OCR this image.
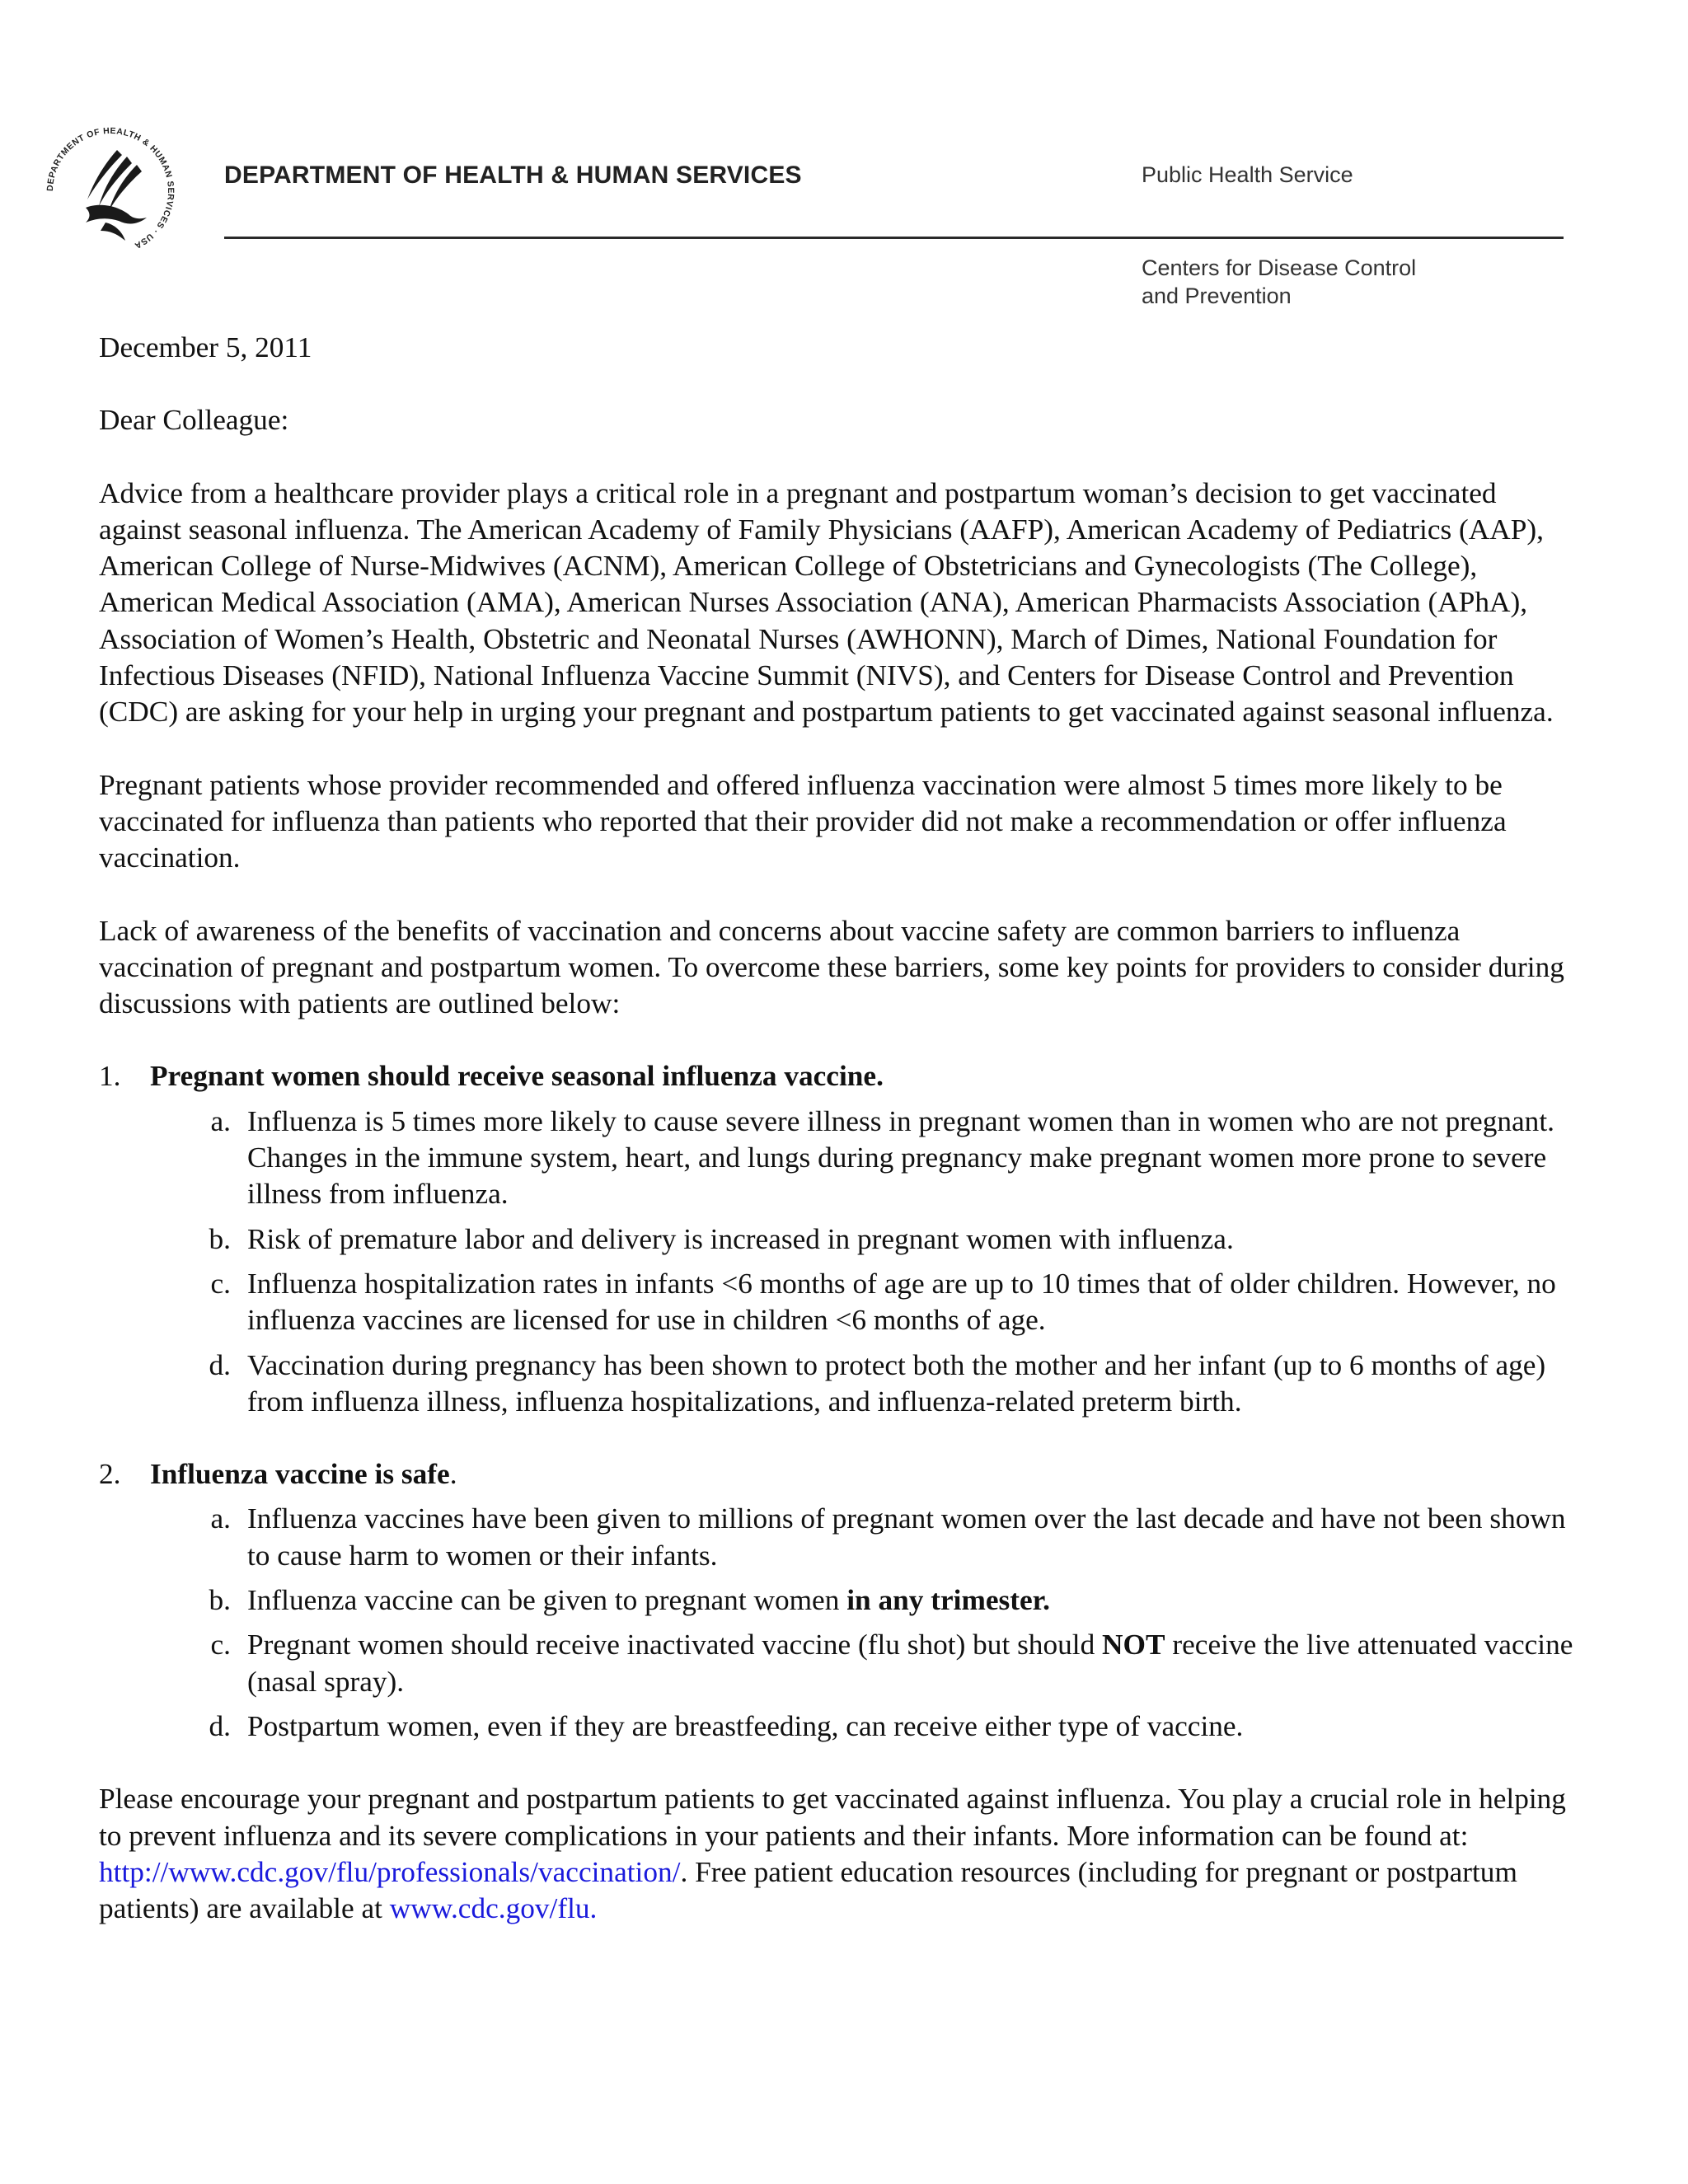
DEPARTMENT OF HEALTH & HUMAN SERVICES · USA
DEPARTMENT OF HEALTH & HUMAN SERVICES	Public Health Service
Centers for Disease Control
and Prevention

December 5, 2011

Dear Colleague:

Advice from a healthcare provider plays a critical role in a pregnant and postpartum woman’s decision to get vaccinated against seasonal influenza. The American Academy of Family Physicians (AAFP), American Academy of Pediatrics (AAP), American College of Nurse-Midwives (ACNM), American College of Obstetricians and Gynecologists (The College), American Medical Association (AMA), American Nurses Association (ANA), American Pharmacists Association (APhA), Association of Women’s Health, Obstetric and Neonatal Nurses (AWHONN), March of Dimes, National Foundation for Infectious Diseases (NFID), National Influenza Vaccine Summit (NIVS), and Centers for Disease Control and Prevention (CDC) are asking for your help in urging your pregnant and postpartum patients to get vaccinated against seasonal influenza.

Pregnant patients whose provider recommended and offered influenza vaccination were almost 5 times more likely to be vaccinated for influenza than patients who reported that their provider did not make a recommendation or offer influenza vaccination.

Lack of awareness of the benefits of vaccination and concerns about vaccine safety are common barriers to influenza vaccination of pregnant and postpartum women. To overcome these barriers, some key points for providers to consider during discussions with patients are outlined below:

1. Pregnant women should receive seasonal influenza vaccine.
a. Influenza is 5 times more likely to cause severe illness in pregnant women than in women who are not pregnant. Changes in the immune system, heart, and lungs during pregnancy make pregnant women more prone to severe illness from influenza.
b. Risk of premature labor and delivery is increased in pregnant women with influenza.
c. Influenza hospitalization rates in infants <6 months of age are up to 10 times that of older children. However, no influenza vaccines are licensed for use in children <6 months of age.
d. Vaccination during pregnancy has been shown to protect both the mother and her infant (up to 6 months of age) from influenza illness, influenza hospitalizations, and influenza-related preterm birth.
2. Influenza vaccine is safe.
a. Influenza vaccines have been given to millions of pregnant women over the last decade and have not been shown to cause harm to women or their infants.
b. Influenza vaccine can be given to pregnant women in any trimester.
c. Pregnant women should receive inactivated vaccine (flu shot) but should NOT receive the live attenuated vaccine (nasal spray).
d. Postpartum women, even if they are breastfeeding, can receive either type of vaccine.

Please encourage your pregnant and postpartum patients to get vaccinated against influenza. You play a crucial role in helping to prevent influenza and its severe complications in your patients and their infants. More information can be found at: http://www.cdc.gov/flu/professionals/vaccination/. Free patient education resources (including for pregnant or postpartum patients) are available at www.cdc.gov/flu.
